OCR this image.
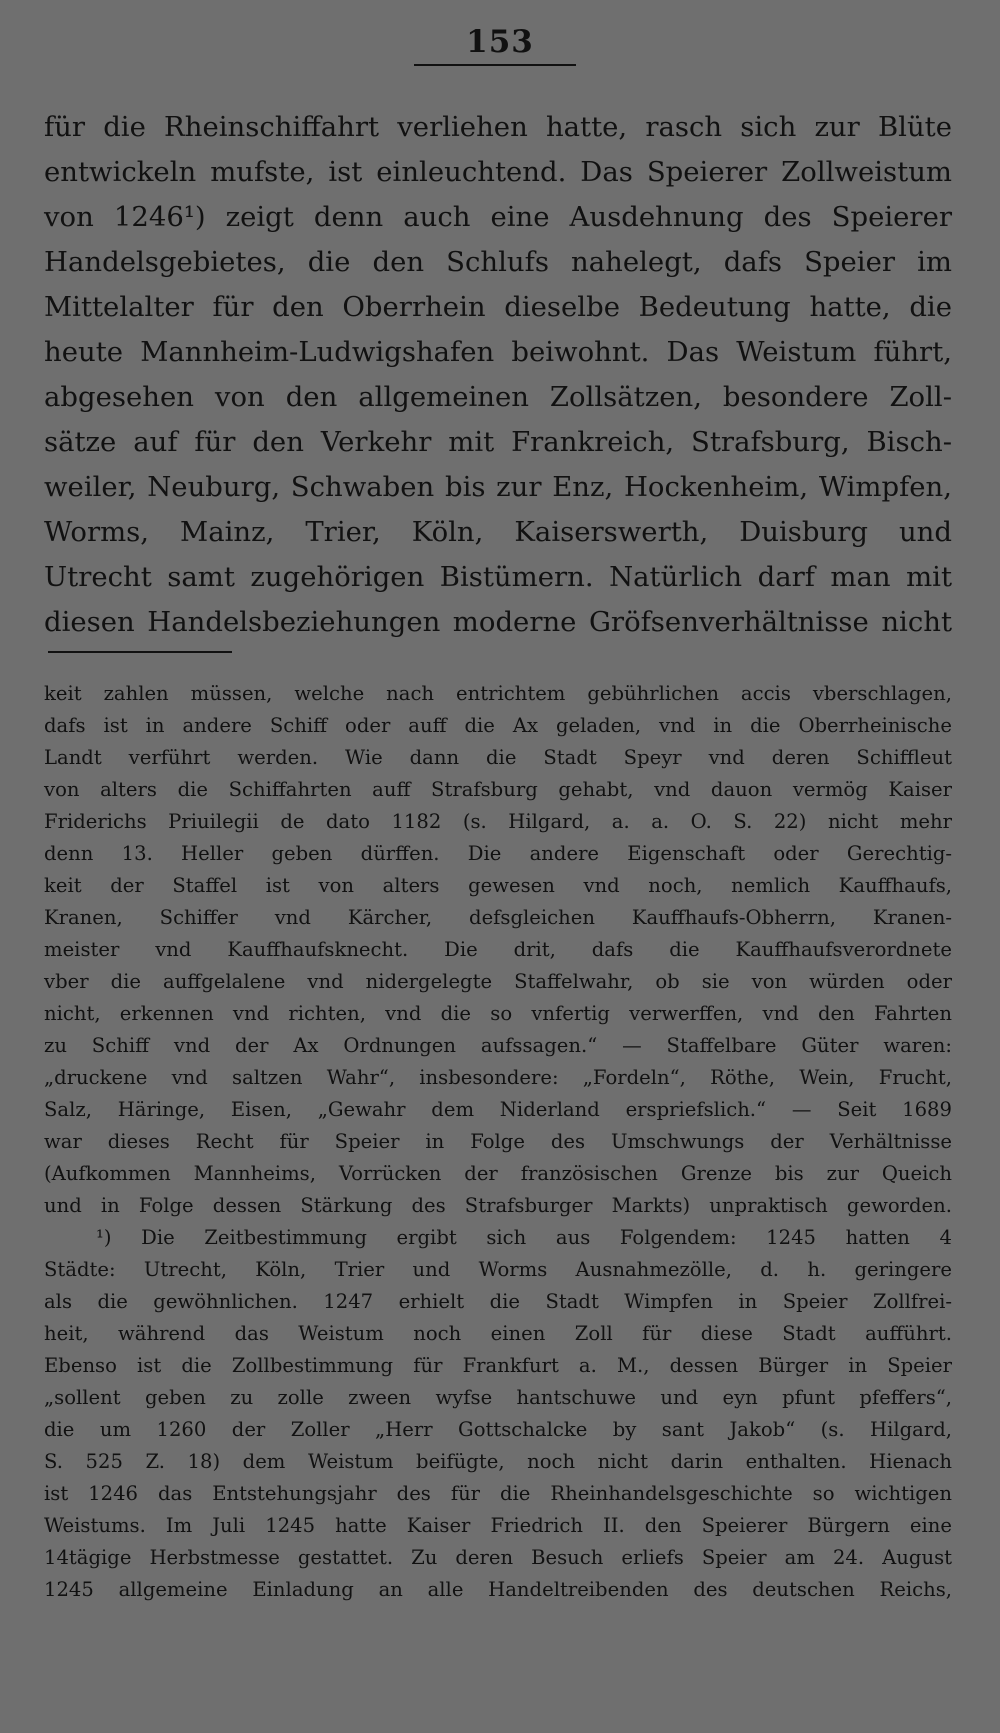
153
für die Rheinschiffahrt verliehen hatte, rasch sich zur Blüte
entwickeln mufste, ist einleuchtend. Das Speierer Zollweistum
von 1246¹) zeigt denn auch eine Ausdehnung des Speierer
Handelsgebietes, die den Schlufs nahelegt, dafs Speier im
Mittelalter für den Oberrhein dieselbe Bedeutung hatte, die
heute Mannheim-Ludwigshafen beiwohnt. Das Weistum führt,
abgesehen von den allgemeinen Zollsätzen, besondere Zoll-
sätze auf für den Verkehr mit Frankreich, Strafsburg, Bisch-
weiler, Neuburg, Schwaben bis zur Enz, Hockenheim, Wimpfen,
Worms, Mainz, Trier, Köln, Kaiserswerth, Duisburg und
Utrecht samt zugehörigen Bistümern. Natürlich darf man mit
diesen Handelsbeziehungen moderne Gröfsenverhältnisse nicht
keit zahlen müssen, welche nach entrichtem gebührlichen accis vberschlagen,
dafs ist in andere Schiff oder auff die Ax geladen, vnd in die Oberrheinische
Landt verführt werden. Wie dann die Stadt Speyr vnd deren Schiffleut
von alters die Schiffahrten auff Strafsburg gehabt, vnd dauon vermög Kaiser
Friderichs Priuilegii de dato 1182 (s. Hilgard, a. a. O. S. 22) nicht mehr
denn 13. Heller geben dürffen. Die andere Eigenschaft oder Gerechtig-
keit der Staffel ist von alters gewesen vnd noch, nemlich Kauffhaufs,
Kranen, Schiffer vnd Kärcher, defsgleichen Kauffhaufs-Obherrn, Kranen-
meister vnd Kauffhaufsknecht. Die drit, dafs die Kauffhaufsverordnete
vber die auffgelalene vnd nidergelegte Staffelwahr, ob sie von würden oder
nicht, erkennen vnd richten, vnd die so vnfertig verwerffen, vnd den Fahrten
zu Schiff vnd der Ax Ordnungen aufssagen.“ — Staffelbare Güter waren:
„druckene vnd saltzen Wahr“, insbesondere: „Fordeln“, Röthe, Wein, Frucht,
Salz, Häringe, Eisen, „Gewahr dem Niderland erspriefslich.“ — Seit 1689
war dieses Recht für Speier in Folge des Umschwungs der Verhältnisse
(Aufkommen Mannheims, Vorrücken der französischen Grenze bis zur Queich
und in Folge dessen Stärkung des Strafsburger Markts) unpraktisch geworden.
¹) Die Zeitbestimmung ergibt sich aus Folgendem: 1245 hatten 4
Städte: Utrecht, Köln, Trier und Worms Ausnahmezölle, d. h. geringere
als die gewöhnlichen. 1247 erhielt die Stadt Wimpfen in Speier Zollfrei-
heit, während das Weistum noch einen Zoll für diese Stadt aufführt.
Ebenso ist die Zollbestimmung für Frankfurt a. M., dessen Bürger in Speier
„sollent geben zu zolle zween wyfse hantschuwe und eyn pfunt pfeffers“,
die um 1260 der Zoller „Herr Gottschalcke by sant Jakob“ (s. Hilgard,
S. 525 Z. 18) dem Weistum beifügte, noch nicht darin enthalten. Hienach
ist 1246 das Entstehungsjahr des für die Rheinhandelsgeschichte so wichtigen
Weistums. Im Juli 1245 hatte Kaiser Friedrich II. den Speierer Bürgern eine
14tägige Herbstmesse gestattet. Zu deren Besuch erliefs Speier am 24. August
1245 allgemeine Einladung an alle Handeltreibenden des deutschen Reichs,
